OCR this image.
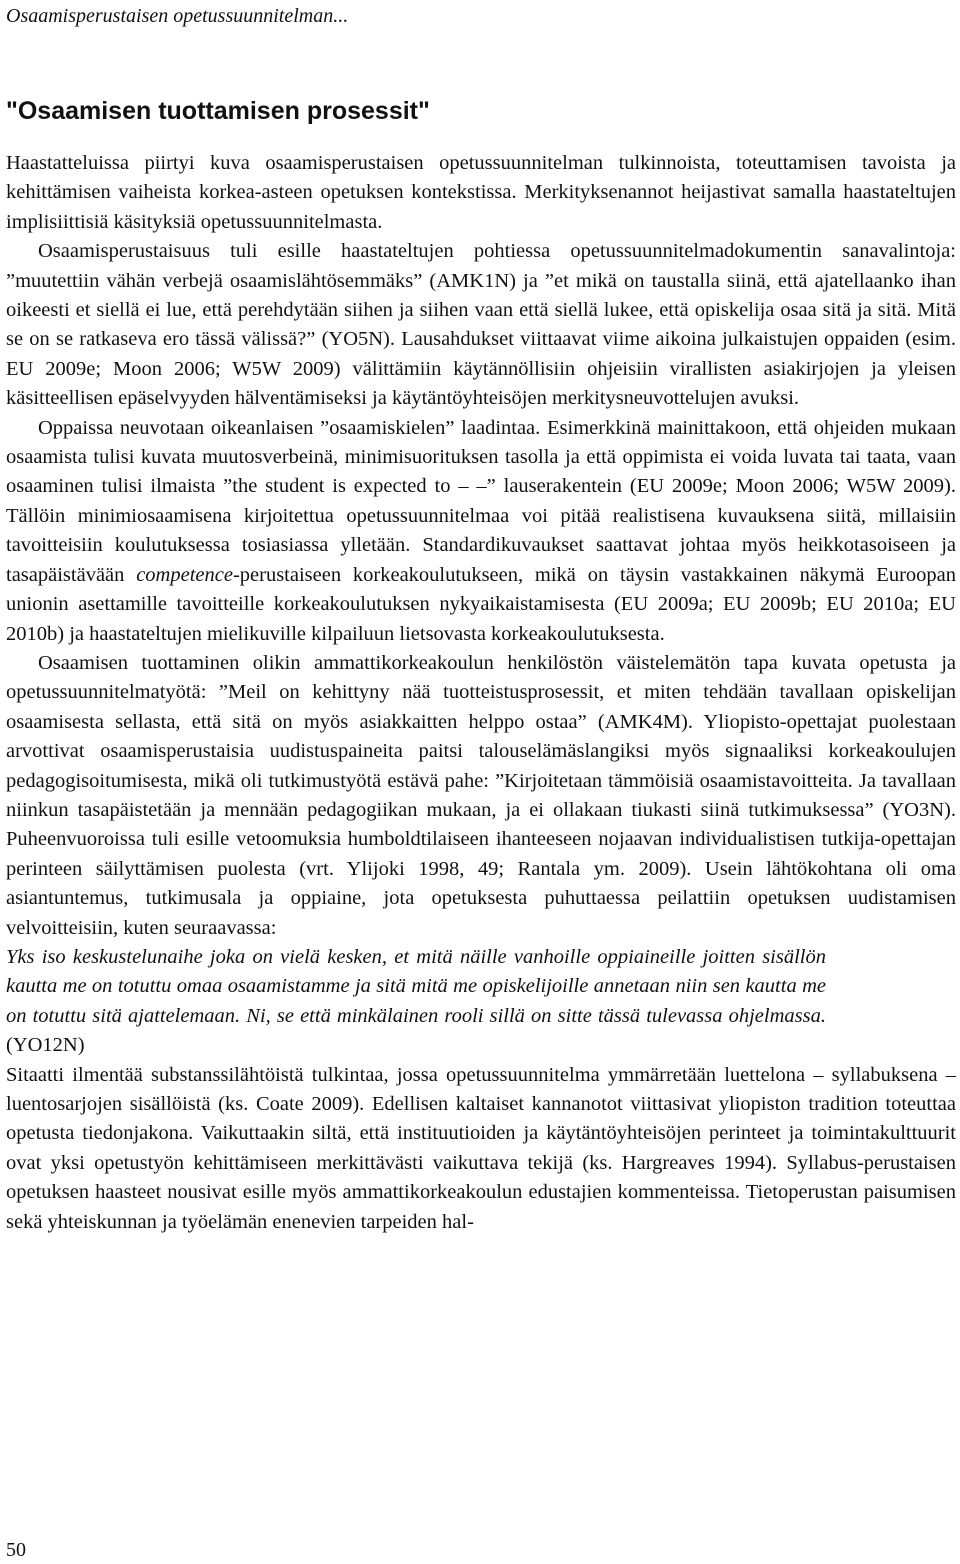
Osaamisperustaisen opetussuunnitelman...
"Osaamisen tuottamisen prosessit"

Haastatteluissa piirtyi kuva osaamisperustaisen opetussuunnitelman tulkinnoista, toteuttamisen tavoista ja kehittämisen vaiheista korkea-asteen opetuksen kontekstissa. Merkityksenannot heijastivat samalla haastateltujen implisiittisiä käsityksiä opetussuunnitelmasta.

Osaamisperustaisuus tuli esille haastateltujen pohtiessa opetussuunnitelmadokumentin sanavalintoja: ”muutettiin vähän verbejä osaamislähtösemmäks” (AMK1N) ja ”et mikä on taustalla siinä, että ajatellaanko ihan oikeesti et siellä ei lue, että perehdytään siihen ja siihen vaan että siellä lukee, että opiskelija osaa sitä ja sitä. Mitä se on se ratkaseva ero tässä välissä?” (YO5N). Lausahdukset viittaavat viime aikoina julkaistujen oppaiden (esim. EU 2009e; Moon 2006; W5W 2009) välittämiin käytännöllisiin ohjeisiin virallisten asiakirjojen ja yleisen käsitteellisen epäselvyyden hälventämiseksi ja käytäntöyhteisöjen merkitysneuvottelujen avuksi.

Oppaissa neuvotaan oikeanlaisen ”osaamiskielen” laadintaa. Esimerkkinä mainittakoon, että ohjeiden mukaan osaamista tulisi kuvata muutosverbeinä, minimisuorituksen tasolla ja että oppimista ei voida luvata tai taata, vaan osaaminen tulisi ilmaista ”the student is expected to – –” lauserakentein (EU 2009e; Moon 2006; W5W 2009). Tällöin minimiosaamisena kirjoitettua opetussuunnitelmaa voi pitää realistisena kuvauksena siitä, millaisiin tavoitteisiin koulutuksessa tosiasiassa ylletään. Standardikuvaukset saattavat johtaa myös heikkotasoiseen ja tasapäistävään competence-perustaiseen korkeakoulutukseen, mikä on täysin vastakkainen näkymä Euroopan unionin asettamille tavoitteille korkeakoulutuksen nykyaikaistamisesta (EU 2009a; EU 2009b; EU 2010a; EU 2010b) ja haastateltujen mielikuville kilpailuun lietsovasta korkeakoulutuksesta.

Osaamisen tuottaminen olikin ammattikorkeakoulun henkilöstön väistelemätön tapa kuvata opetusta ja opetussuunnitelmatyötä: ”Meil on kehittyny nää tuotteistusprosessit, et miten tehdään tavallaan opiskelijan osaamisesta sellasta, että sitä on myös asiakkaitten helppo ostaa” (AMK4M). Yliopisto-opettajat puolestaan arvottivat osaamisperustaisia uudistuspaineita paitsi talouselämäslangiksi myös signaaliksi korkeakoulujen pedagogisoitumisesta, mikä oli tutkimustyötä estävä pahe: ”Kirjoitetaan tämmöisiä osaamistavoitteita. Ja tavallaan niinkun tasapäistetään ja mennään pedagogiikan mukaan, ja ei ollakaan tiukasti siinä tutkimuksessa” (YO3N). Puheenvuoroissa tuli esille vetoomuksia humboldtilaiseen ihanteeseen nojaavan individualistisen tutkija-opettajan perinteen säilyttämisen puolesta (vrt. Ylijoki 1998, 49; Rantala ym. 2009). Usein lähtökohtana oli oma asiantuntemus, tutkimusala ja oppiaine, jota opetuksesta puhuttaessa peilattiin opetuksen uudistamisen velvoitteisiin, kuten seuraavassa:

Yks iso keskustelunaihe joka on vielä kesken, et mitä näille vanhoille oppiaineille joitten sisällön kautta me on totuttu omaa osaamistamme ja sitä mitä me opiskelijoille annetaan niin sen kautta me on totuttu sitä ajattelemaan. Ni, se että minkälainen rooli sillä on sitte tässä tulevassa ohjelmassa. (YO12N)

Sitaatti ilmentää substanssilähtöistä tulkintaa, jossa opetussuunnitelma ymmärretään luettelona – syllabuksena – luentosarjojen sisällöistä (ks. Coate 2009). Edellisen kaltaiset kannanotot viittasivat yliopiston tradition toteuttaa opetusta tiedonjakona. Vaikuttaakin siltä, että instituutioiden ja käytäntöyhteisöjen perinteet ja toimintakulttuurit ovat yksi opetustyön kehittämiseen merkittävästi vaikuttava tekijä (ks. Hargreaves 1994). Syllabus-perustaisen opetuksen haasteet nousivat esille myös ammattikorkeakoulun edustajien kommenteissa. Tietoperustan paisumisen sekä yhteiskunnan ja työelämän enenevien tarpeiden hal-

50
